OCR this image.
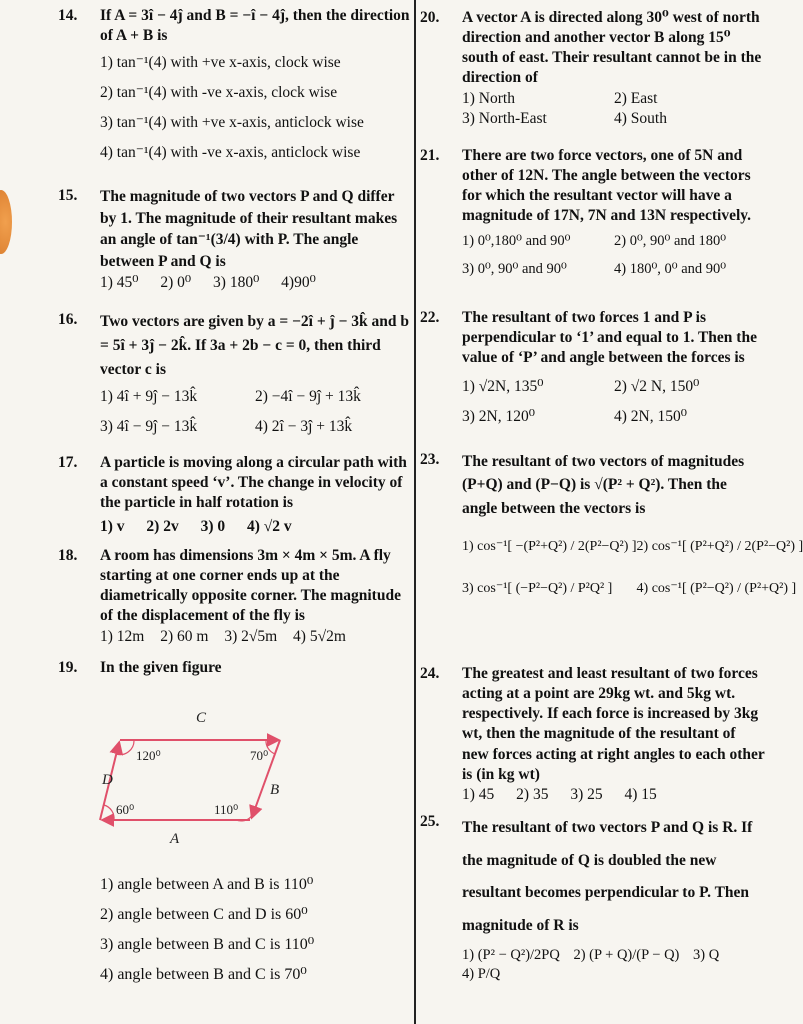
14. If A = 3î − 4ĵ and B = −î − 4ĵ, then the direction of A + B is
1) tan⁻¹(4) with +ve x-axis, clock wise
2) tan⁻¹(4) with -ve x-axis, clock wise
3) tan⁻¹(4) with +ve x-axis, anticlock wise
4) tan⁻¹(4) with -ve x-axis, anticlock wise
15. The magnitude of two vectors P and Q differ by 1. The magnitude of their resultant makes an angle of tan⁻¹(3/4) with P. The angle between P and Q is
1) 45⁰ 2) 0⁰ 3) 180⁰ 4)90⁰
16. Two vectors are given by a = −2î + ĵ − 3k̂ and b = 5î + 3ĵ − 2k̂. If 3a + 2b − c = 0, then third vector c is
1) 4î + 9ĵ − 13k̂	2) −4î − 9ĵ + 13k̂
3) 4î − 9ĵ − 13k̂	4) 2î − 3ĵ + 13k̂
17. A particle is moving along a circular path with a constant speed ‘v’. The change in velocity of the particle in half rotation is
1) v 2) 2v 3) 0 4) √2 v
18. A room has dimensions 3m × 4m × 5m. A fly starting at one corner ends up at the diametrically opposite corner. The magnitude of the displacement of the fly is
1) 12m 2) 60 m 3) 2√5m 4) 5√2m
19. In the given figure
C
D
B
A
120⁰	70⁰
60⁰	110⁰
1) angle between A and B is 110⁰
2) angle between C and D is 60⁰
3) angle between B and C is 110⁰
4) angle between B and C is 70⁰
20. A vector A is directed along 30⁰ west of north direction and another vector B along 15⁰ south of east. Their resultant cannot be in the direction of
1) North	2) East
3) North-East	4) South
21. There are two force vectors, one of 5N and other of 12N. The angle between the vectors for which the resultant vector will have a magnitude of 17N, 7N and 13N respectively.
1) 0⁰,180⁰ and 90⁰	2) 0⁰, 90⁰ and 180⁰
3) 0⁰, 90⁰ and 90⁰	4) 180⁰, 0⁰ and 90⁰
22. The resultant of two forces 1 and P is perpendicular to ‘1’ and equal to 1. Then the value of ‘P’ and angle between the forces is
1) √2N, 135⁰	2) √2 N, 150⁰
3) 2N, 120⁰	4) 2N, 150⁰
23. The resultant of two vectors of magnitudes (P+Q) and (P−Q) is √(P² + Q²). Then the angle between the vectors is
1) cos⁻¹[ −(P²+Q²) / 2(P²−Q²) ] 2) cos⁻¹[ (P²+Q²) / 2(P²−Q²) ]
3) cos⁻¹[ (−P²−Q²) / P²Q² ]	4) cos⁻¹[ (P²−Q²) / (P²+Q²) ]
24. The greatest and least resultant of two forces acting at a point are 29kg wt. and 5kg wt. respectively. If each force is increased by 3kg wt, then the magnitude of the resultant of new forces acting at right angles to each other is (in kg wt)
1) 45 2) 35 3) 25 4) 15
25. The resultant of two vectors P and Q is R. If the magnitude of Q is doubled the new resultant becomes perpendicular to P. Then magnitude of R is
1) (P² − Q²)/2PQ 2) (P + Q)/(P − Q) 3) Q 4) P/Q
